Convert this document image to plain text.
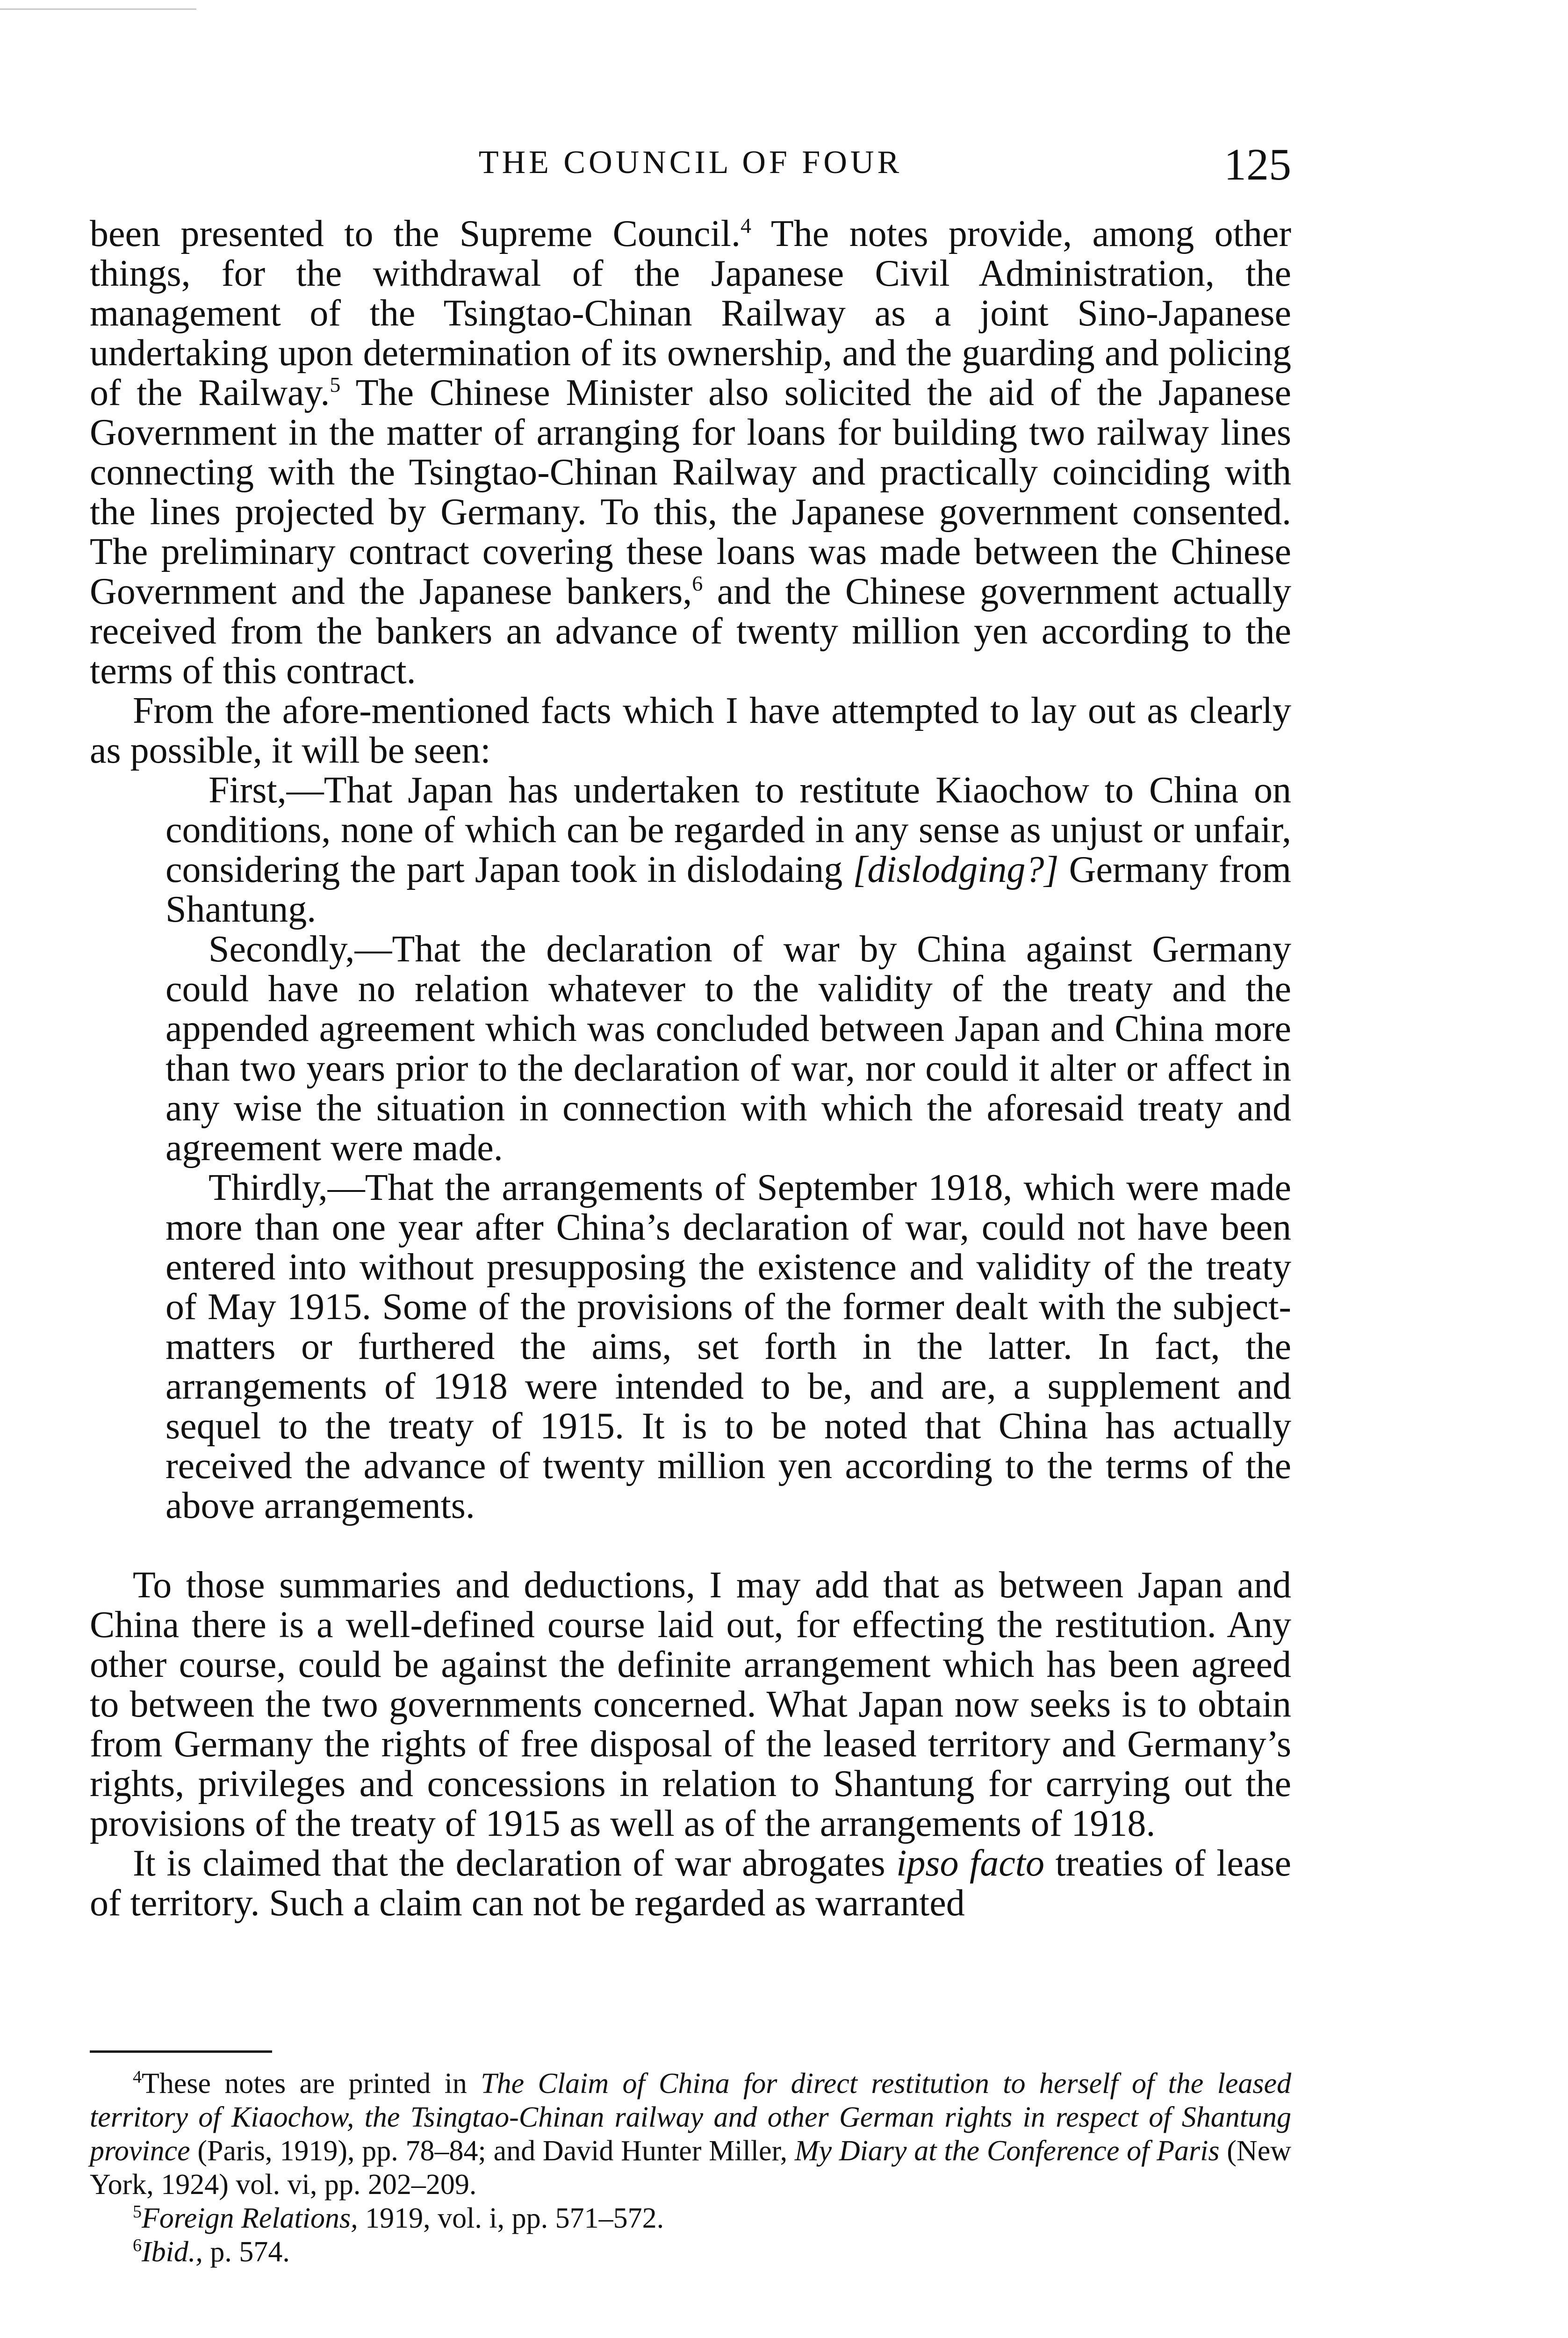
THE COUNCIL OF FOUR	125

been presented to the Supreme Council.$^4$ The notes provide, among other things, for the withdrawal of the Japanese Civil Administration, the management of the Tsingtao-Chinan Railway as a joint Sino-Japanese undertaking upon determination of its ownership, and the guarding and policing of the Railway.$^5$ The Chinese Minister also solicited the aid of the Japanese Government in the matter of arranging for loans for building two railway lines connecting with the Tsingtao-Chinan Railway and practically coinciding with the lines projected by Germany. To this, the Japanese government consented. The preliminary contract covering these loans was made between the Chinese Government and the Japanese bankers,$^6$ and the Chinese government actually received from the bankers an advance of twenty million yen according to the terms of this contract.

From the afore-mentioned facts which I have attempted to lay out as clearly as possible, it will be seen:

First,—That Japan has undertaken to restitute Kiaochow to China on conditions, none of which can be regarded in any sense as unjust or unfair, considering the part Japan took in dislodaing [dislodging?] Germany from Shantung.

Secondly,—That the declaration of war by China against Germany could have no relation whatever to the validity of the treaty and the appended agreement which was concluded between Japan and China more than two years prior to the declaration of war, nor could it alter or affect in any wise the situation in connection with which the aforesaid treaty and agreement were made.

Thirdly,—That the arrangements of September 1918, which were made more than one year after China’s declaration of war, could not have been entered into without presupposing the existence and validity of the treaty of May 1915. Some of the provisions of the former dealt with the subject-matters or furthered the aims, set forth in the latter. In fact, the arrangements of 1918 were intended to be, and are, a supplement and sequel to the treaty of 1915. It is to be noted that China has actually received the advance of twenty million yen according to the terms of the above arrangements.

To those summaries and deductions, I may add that as between Japan and China there is a well-defined course laid out, for effecting the restitution. Any other course, could be against the definite arrangement which has been agreed to between the two governments concerned. What Japan now seeks is to obtain from Germany the rights of free disposal of the leased territory and Germany’s rights, privileges and concessions in relation to Shantung for carrying out the provisions of the treaty of 1915 as well as of the arrangements of 1918.

It is claimed that the declaration of war abrogates ipso facto treaties of lease of territory. Such a claim can not be regarded as warranted

$^4$These notes are printed in The Claim of China for direct restitution to herself of the leased territory of Kiaochow, the Tsingtao-Chinan railway and other German rights in respect of Shantung province (Paris, 1919), pp. 78–84; and David Hunter Miller, My Diary at the Conference of Paris (New York, 1924) vol. vi, pp. 202–209.

$^5$Foreign Relations, 1919, vol. i, pp. 571–572.

$^6$Ibid., p. 574.
